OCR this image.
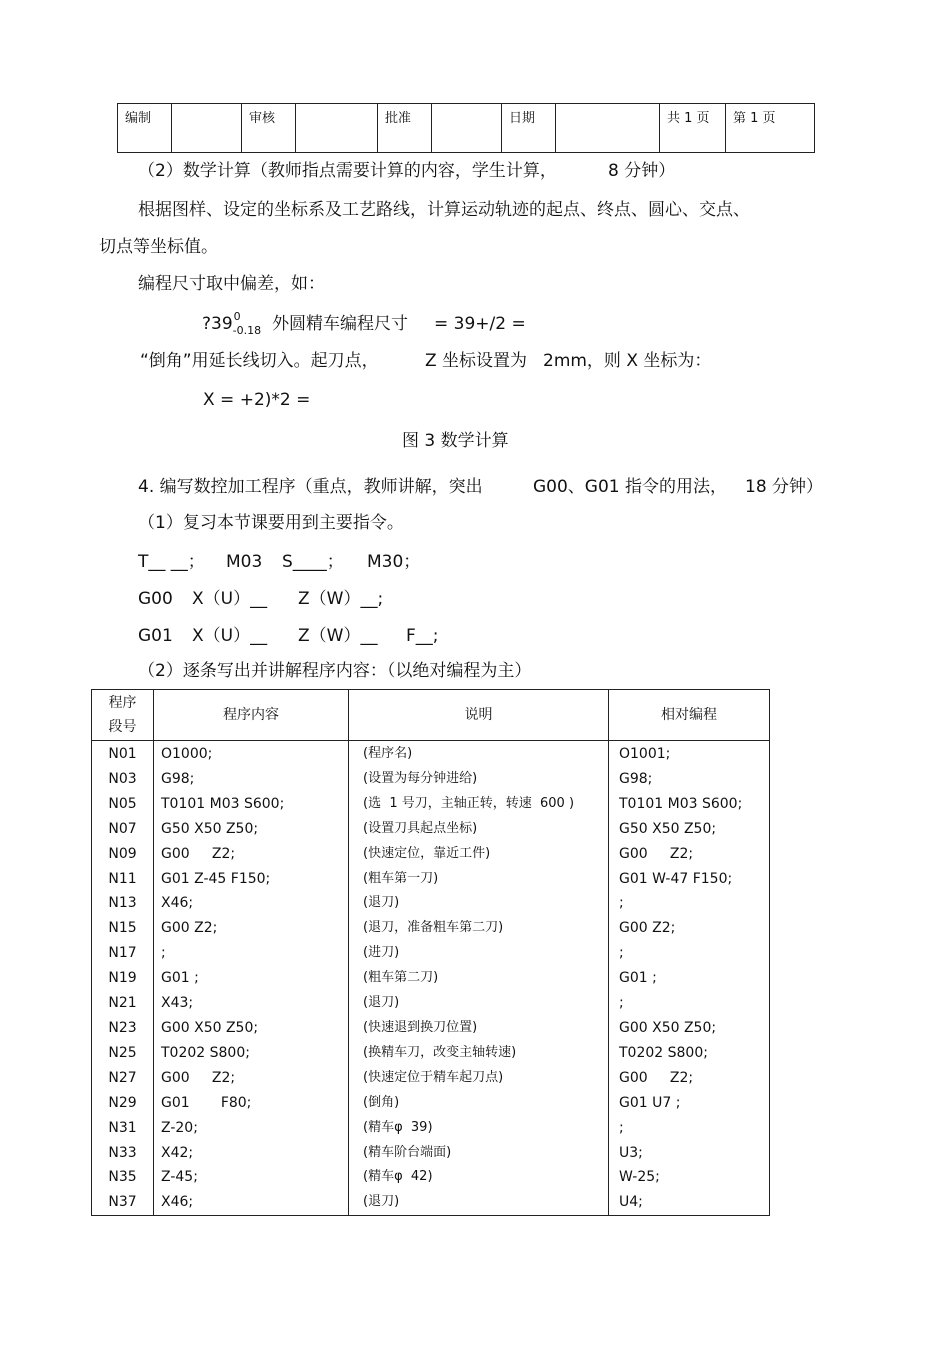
编制		审核		批准		日期		共 1 页	第 1 页
（2）数学计算（教师指点需要计算的内容，学生计算，	8 分钟）
根据图样、设定的坐标系及工艺路线，计算运动轨迹的起点、终点、圆心、交点、
切点等坐标值。
编程尺寸取中偏差，如：
?39 0
-0.18 外圆精车编程尺寸 = 39+/2 =
“倒角”用延长线切入。起刀点，	Z 坐标设置为 2mm，则 X 坐标为：
X = +2)*2 =
图 3 数学计算
4. 编写数控加工程序（重点，教师讲解，突出	G00、G01 指令的用法， 18 分钟）
（1）复习本节课要用到主要指令。
T__ __； M03 S____； M30；
G00 X（U）__ Z（W）__;
G01 X（U）__ Z（W）__ F__;
（2）逐条写出并讲解程序内容：（以绝对编程为主）
程序
段号	程序内容	说明	相对编程
N01	O1000;	(程序名)	O1001;
N03	G98;	(设置为每分钟进给)	G98;
N05	T0101 M03 S600;	(选  1 号刀，主轴正转，转速  600 )	T0101 M03 S600;
N07	G50 X50 Z50;	(设置刀具起点坐标)	G50 X50 Z50;
N09	G00     Z2;	(快速定位，靠近工件)	G00     Z2;
N11	G01 Z-45 F150;	(粗车第一刀)	G01 W-47 F150;
N13	X46;	(退刀)	;
N15	G00 Z2;	(退刀，准备粗车第二刀)	G00 Z2;
N17	;	(进刀)	;
N19	G01 ;	(粗车第二刀)	G01 ;
N21	X43;	(退刀)	;
N23	G00 X50 Z50;	(快速退到换刀位置)	G00 X50 Z50;
N25	T0202 S800;	(换精车刀，改变主轴转速)	T0202 S800;
N27	G00     Z2;	(快速定位于精车起刀点)	G00     Z2;
N29	G01       F80;	(倒角)	G01 U7 ;
N31	Z-20;	(精车φ  39)	;
N33	X42;	(精车阶台端面)	U3;
N35	Z-45;	(精车φ  42)	W-25;
N37	X46;	(退刀)	U4;
